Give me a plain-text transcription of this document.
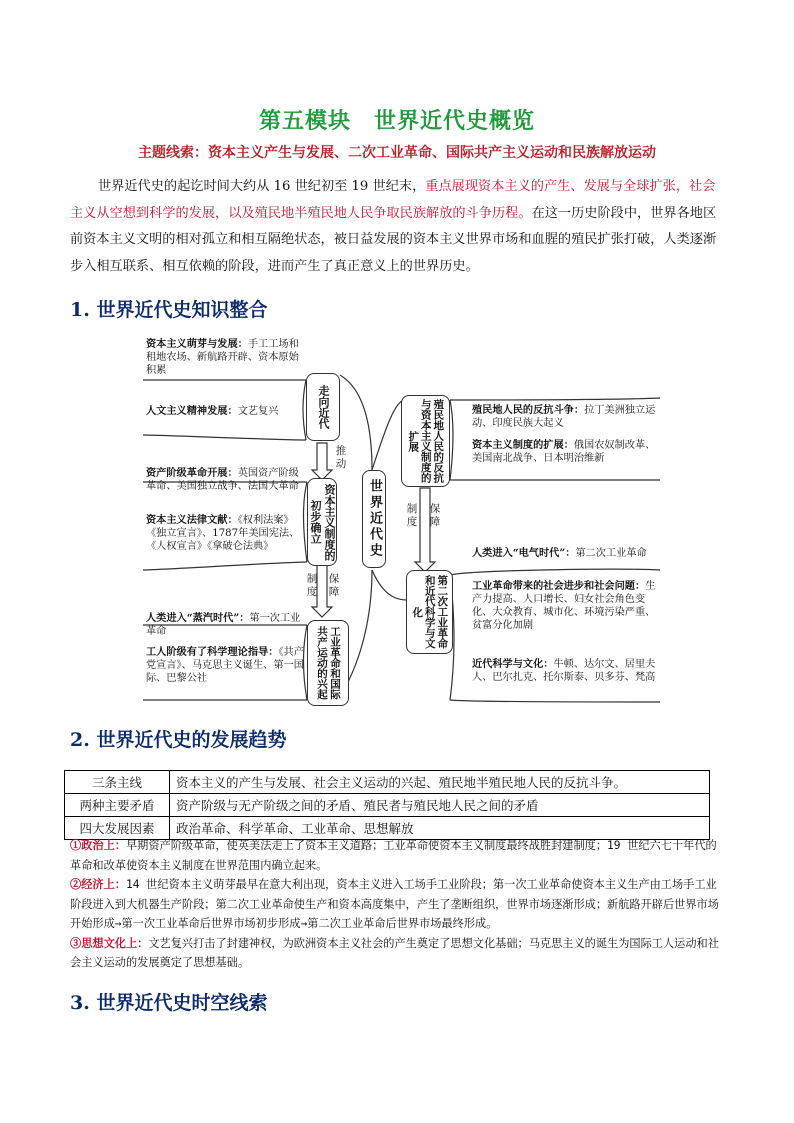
第五模块　世界近代史概览
主题线索：资本主义产生与发展、二次工业革命、国际共产主义运动和民族解放运动
世界近代史的起讫时间大约从 16 世纪初至 19 世纪末，重点展现资本主义的产生、发展与全球扩张，社会主义从空想到科学的发展，以及殖民地半殖民地人民争取民族解放的斗争历程。在这一历史阶段中，世界各地区前资本主义文明的相对孤立和相互隔绝状态，被日益发展的资本主义世界市场和血腥的殖民扩张打破，人类逐渐步入相互联系、相互依赖的阶段，进而产生了真正意义上的世界历史。
1. 世界近代史知识整合
走向近代
资本主义制度的初步确立
工业革命和国际共产运动的兴起
世界近代史
殖民地人民的反抗与资本主义制度的扩展
第二次工业革命和近代科学与文化
推动
制度
保障
制度
保障
资本主义萌芽与发展：手工工场和租地农场、新航路开辟、资本原始积累
人文主义精神发展：文艺复兴
资产阶级革命开展：英国资产阶级革命、美国独立战争、法国大革命
资本主义法律文献：《权利法案》《独立宣言》、1787年美国宪法、《人权宣言》《拿破仑法典》
人类进入“蒸汽时代”：第一次工业革命
工人阶级有了科学理论指导：《共产党宣言》、马克思主义诞生、第一国际、巴黎公社
殖民地人民的反抗斗争：拉丁美洲独立运动、印度民族大起义
资本主义制度的扩展：俄国农奴制改革、美国南北战争、日本明治维新
人类进入“电气时代”：第二次工业革命
工业革命带来的社会进步和社会问题：生产力提高、人口增长、妇女社会角色变化、大众教育、城市化、环境污染严重、贫富分化加剧
近代科学与文化：牛顿、达尔文、居里夫人、巴尔扎克、托尔斯泰、贝多芬、梵高
2. 世界近代史的发展趋势
三条主线	资本主义的产生与发展、社会主义运动的兴起、殖民地半殖民地人民的反抗斗争。
两种主要矛盾	资产阶级与无产阶级之间的矛盾、殖民者与殖民地人民之间的矛盾
四大发展因素	政治革命、科学革命、工业革命、思想解放
①政治上：早期资产阶级革命，使英美法走上了资本主义道路；工业革命使资本主义制度最终战胜封建制度；19 世纪六七十年代的革命和改革使资本主义制度在世界范围内确立起来。
②经济上：14 世纪资本主义萌芽最早在意大利出现，资本主义进入工场手工业阶段；第一次工业革命使资本主义生产由工场手工业阶段进入到大机器生产阶段；第二次工业革命使生产和资本高度集中，产生了垄断组织，世界市场逐渐形成；新航路开辟后世界市场开始形成→第一次工业革命后世界市场初步形成→第二次工业革命后世界市场最终形成。
③思想文化上：文艺复兴打击了封建神权，为欧洲资本主义社会的产生奠定了思想文化基础；马克思主义的诞生为国际工人运动和社会主义运动的发展奠定了思想基础。
3. 世界近代史时空线索
